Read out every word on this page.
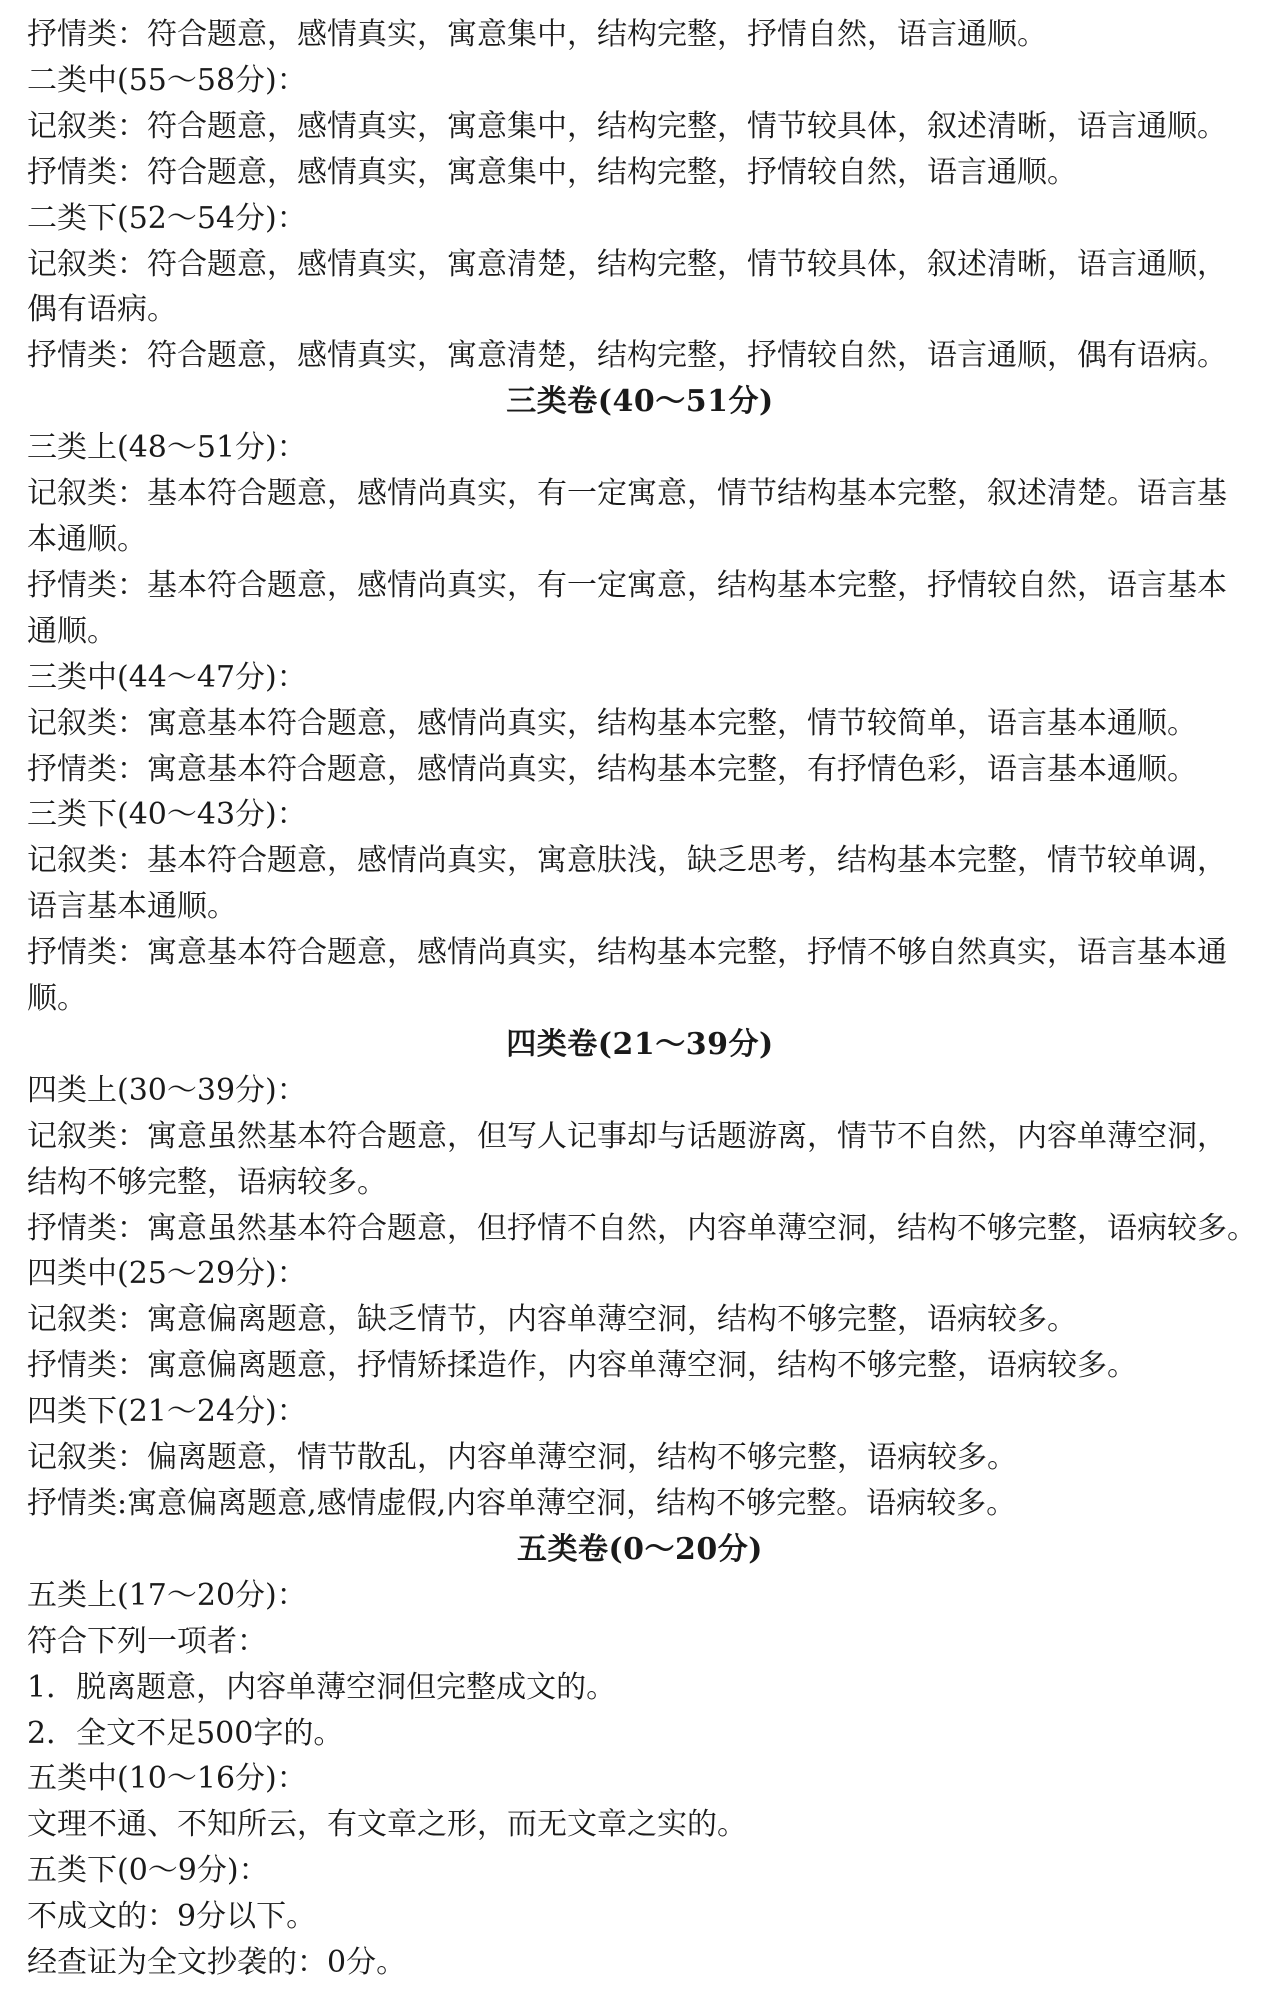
抒情类：符合题意，感情真实，寓意集中，结构完整，抒情自然，语言通顺。
二类中(55～58分)：
记叙类：符合题意，感情真实，寓意集中，结构完整，情节较具体，叙述清晰，语言通顺。
抒情类：符合题意，感情真实，寓意集中，结构完整，抒情较自然，语言通顺。
二类下(52～54分)：
记叙类：符合题意，感情真实，寓意清楚，结构完整，情节较具体，叙述清晰，语言通顺，偶有语病。
抒情类：符合题意，感情真实，寓意清楚，结构完整，抒情较自然，语言通顺，偶有语病。
三类卷(40～51分)
三类上(48～51分)：
记叙类：基本符合题意，感情尚真实，有一定寓意，情节结构基本完整，叙述清楚。语言基本通顺。
抒情类：基本符合题意，感情尚真实，有一定寓意，结构基本完整，抒情较自然，语言基本通顺。
三类中(44～47分)：
记叙类：寓意基本符合题意，感情尚真实，结构基本完整，情节较简单，语言基本通顺。
抒情类：寓意基本符合题意，感情尚真实，结构基本完整，有抒情色彩，语言基本通顺。
三类下(40～43分)：
记叙类：基本符合题意，感情尚真实，寓意肤浅，缺乏思考，结构基本完整，情节较单调，语言基本通顺。
抒情类：寓意基本符合题意，感情尚真实，结构基本完整，抒情不够自然真实，语言基本通顺。
四类卷(21～39分)
四类上(30～39分)：
记叙类：寓意虽然基本符合题意，但写人记事却与话题游离，情节不自然，内容单薄空洞，结构不够完整，语病较多。
抒情类：寓意虽然基本符合题意，但抒情不自然，内容单薄空洞，结构不够完整，语病较多。
四类中(25～29分)：
记叙类：寓意偏离题意，缺乏情节，内容单薄空洞，结构不够完整，语病较多。
抒情类：寓意偏离题意，抒情矫揉造作，内容单薄空洞，结构不够完整，语病较多。
四类下(21～24分)：
记叙类：偏离题意，情节散乱，内容单薄空洞，结构不够完整，语病较多。
抒情类:寓意偏离题意,感情虚假,内容单薄空洞，结构不够完整。语病较多。
五类卷(0～20分)
五类上(17～20分)：
符合下列一项者：
1．脱离题意，内容单薄空洞但完整成文的。
2．全文不足500字的。
五类中(10～16分)：
文理不通、不知所云，有文章之形，而无文章之实的。
五类下(0～9分)：
不成文的：9分以下。
经查证为全文抄袭的：0分。
